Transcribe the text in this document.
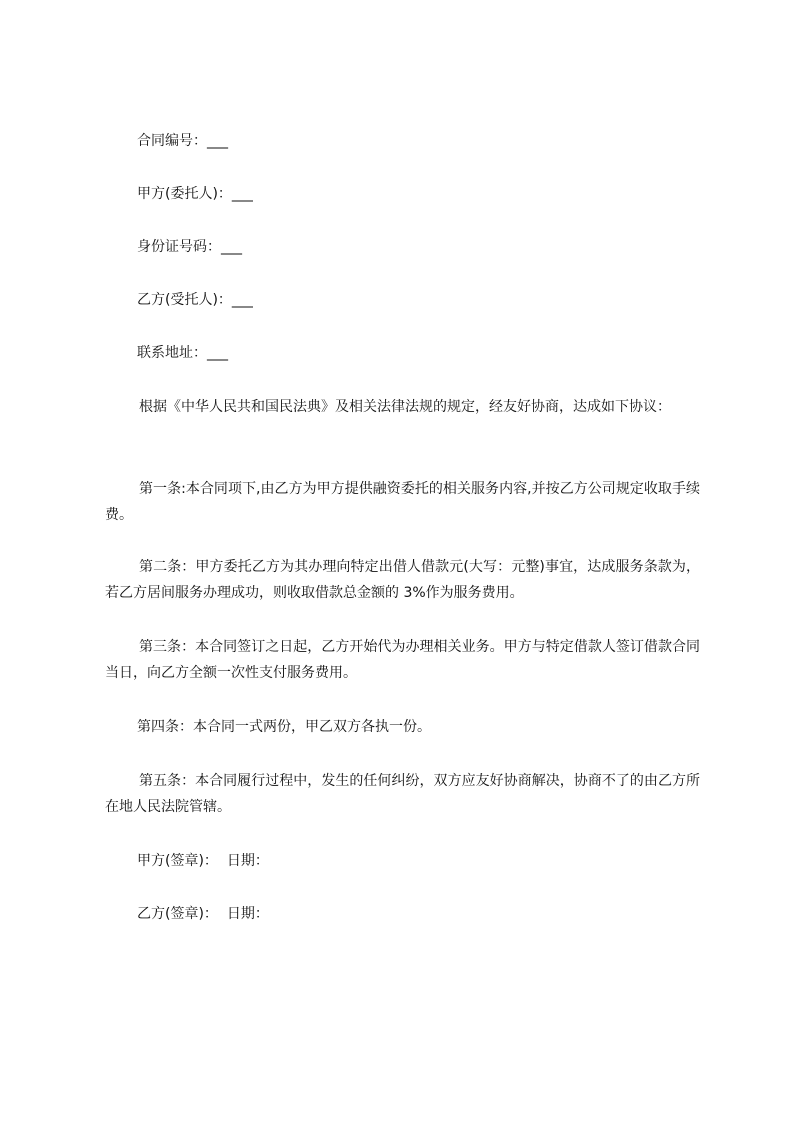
合同编号：___

甲方(委托人)：___

身份证号码：___

乙方(受托人)：___

联系地址：___

根据《中华人民共和国民法典》及相关法律法规的规定，经友好协商，达成如下协议：

第一条:本合同项下,由乙方为甲方提供融资委托的相关服务内容,并按乙方公司规定收取手续费。

第二条：甲方委托乙方为其办理向特定出借人借款元(大写：元整)事宜，达成服务条款为，若乙方居间服务办理成功，则收取借款总金额的 3%作为服务费用。

第三条：本合同签订之日起，乙方开始代为办理相关业务。甲方与特定借款人签订借款合同当日，向乙方全额一次性支付服务费用。

第四条：本合同一式两份，甲乙双方各执一份。

第五条：本合同履行过程中，发生的任何纠纷，双方应友好协商解决，协商不了的由乙方所在地人民法院管辖。

甲方(签章)：  日期：

乙方(签章)：  日期：
